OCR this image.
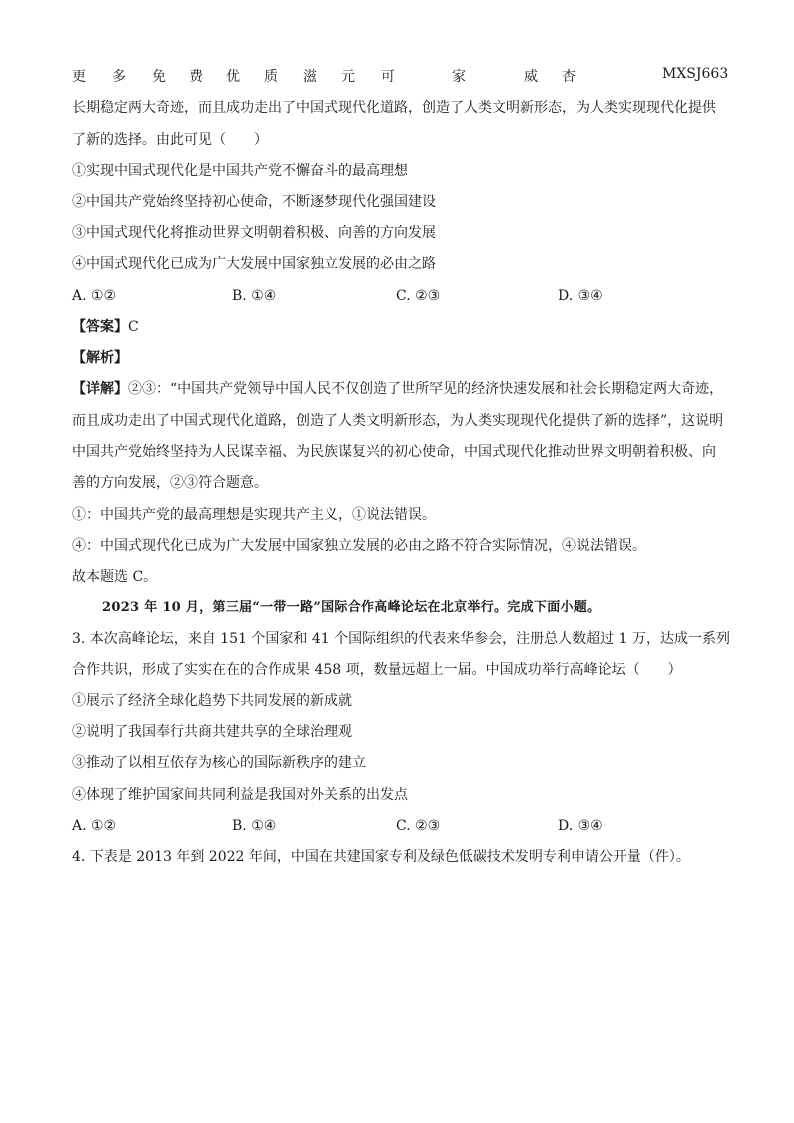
更 多 免 费 优 质 滋 元 可	家	威 杏	MXSJ663
长期稳定两大奇迹，而且成功走出了中国式现代化道路，创造了人类文明新形态，为人类实现现代化提供
了新的选择。由此可见（　　）
①实现中国式现代化是中国共产党不懈奋斗的最高理想
②中国共产党始终坚持初心使命，不断逐梦现代化强国建设
③中国式现代化将推动世界文明朝着积极、向善的方向发展
④中国式现代化已成为广大发展中国家独立发展的必由之路
A. ①②	B. ①④	C. ②③	D. ③④
【答案】C
【解析】
【详解】②③：“中国共产党领导中国人民不仅创造了世所罕见的经济快速发展和社会长期稳定两大奇迹，
而且成功走出了中国式现代化道路，创造了人类文明新形态，为人类实现现代化提供了新的选择”，这说明
中国共产党始终坚持为人民谋幸福、为民族谋复兴的初心使命，中国式现代化推动世界文明朝着积极、向
善的方向发展，②③符合题意。
①：中国共产党的最高理想是实现共产主义，①说法错误。
④：中国式现代化已成为广大发展中国家独立发展的必由之路不符合实际情况，④说法错误。
故本题选 C。
2023 年 10 月，第三届“一带一路”国际合作高峰论坛在北京举行。完成下面小题。
3. 本次高峰论坛，来自 151 个国家和 41 个国际组织的代表来华参会，注册总人数超过 1 万，达成一系列
合作共识，形成了实实在在的合作成果 458 项，数量远超上一届。中国成功举行高峰论坛（　　）
①展示了经济全球化趋势下共同发展的新成就
②说明了我国奉行共商共建共享的全球治理观
③推动了以相互依存为核心的国际新秩序的建立
④体现了维护国家间共同利益是我国对外关系的出发点
A. ①②	B. ①④	C. ②③	D. ③④
4. 下表是 2013 年到 2022 年间，中国在共建国家专利及绿色低碳技术发明专利申请公开量（件）。
